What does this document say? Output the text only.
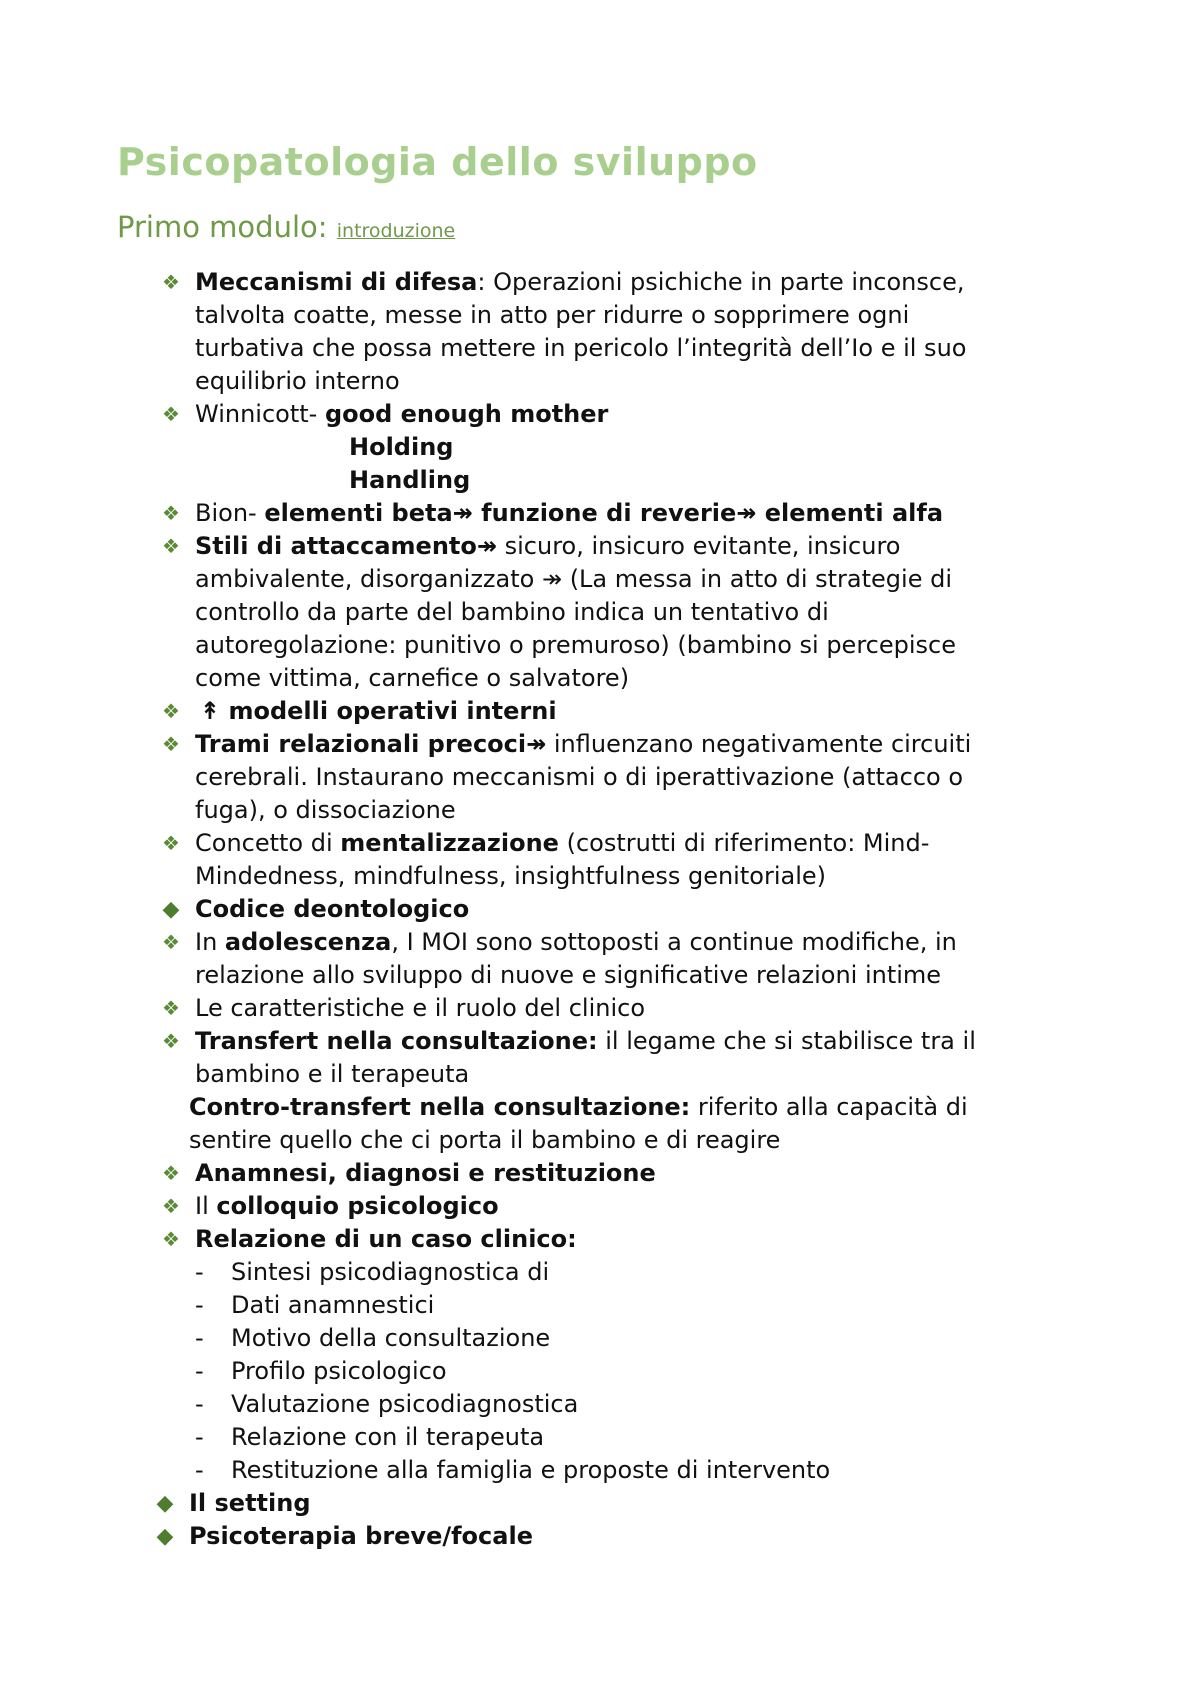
Psicopatologia dello sviluppo
Primo modulo: introduzione
❖ Meccanismi di difesa: Operazioni psichiche in parte inconsce,
talvolta coatte, messe in atto per ridurre o sopprimere ogni
turbativa che possa mettere in pericolo l’integrità dell’Io e il suo
equilibrio interno
❖ Winnicott- good enough mother
Holding
Handling
❖ Bion- elementi beta↠ funzione di reverie↠ elementi alfa
❖ Stili di attaccamento↠ sicuro, insicuro evitante, insicuro
ambivalente, disorganizzato ↠ (La messa in atto di strategie di
controllo da parte del bambino indica un tentativo di
autoregolazione: punitivo o premuroso) (bambino si percepisce
come vittima, carnefice o salvatore)
❖ ↟ modelli operativi interni
❖ Trami relazionali precoci↠ influenzano negativamente circuiti
cerebrali. Instaurano meccanismi o di iperattivazione (attacco o
fuga), o dissociazione
❖ Concetto di mentalizzazione (costrutti di riferimento: Mind-
Mindedness, mindfulness, insightfulness genitoriale)
◆ Codice deontologico
❖ In adolescenza, I MOI sono sottoposti a continue modifiche, in
relazione allo sviluppo di nuove e significative relazioni intime
❖ Le caratteristiche e il ruolo del clinico
❖ Transfert nella consultazione: il legame che si stabilisce tra il
bambino e il terapeuta
Contro-transfert nella consultazione: riferito alla capacità di
sentire quello che ci porta il bambino e di reagire
❖ Anamnesi, diagnosi e restituzione
❖ Il colloquio psicologico
❖ Relazione di un caso clinico:
- Sintesi psicodiagnostica di
- Dati anamnestici
- Motivo della consultazione
- Profilo psicologico
- Valutazione psicodiagnostica
- Relazione con il terapeuta
- Restituzione alla famiglia e proposte di intervento
◆ Il setting
◆ Psicoterapia breve/focale
